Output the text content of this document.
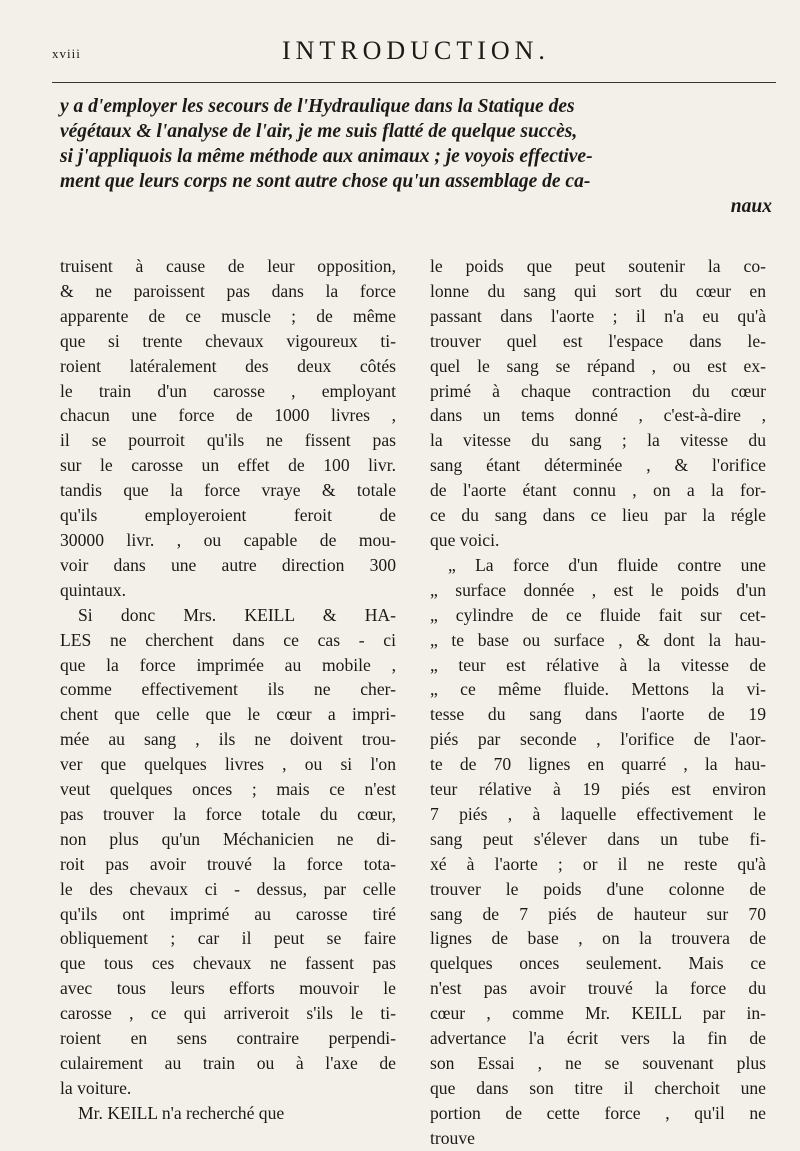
xviii	INTRODUCTION.
y a d'employer les secours de l'Hydraulique dans la Statique des
végétaux & l'analyse de l'air, je me suis flatté de quelque succès,
si j'appliquois la même méthode aux animaux ; je voyois effective-
ment que leurs corps ne sont autre chose qu'un assemblage de ca-
naux
truisent à cause de leur opposition,
& ne paroissent pas dans la force
apparente de ce muscle ; de même
que si trente chevaux vigoureux ti-
roient latéralement des deux côtés
le train d'un carosse , employant
chacun une force de 1000 livres ,
il se pourroit qu'ils ne fissent pas
sur le carosse un effet de 100 livr.
tandis que la force vraye & totale
qu'ils employeroient feroit de
30000 livr. , ou capable de mou-
voir dans une autre direction 300
quintaux.
Si donc Mrs. KEILL & HA-
LES ne cherchent dans ce cas - ci
que la force imprimée au mobile ,
comme effectivement ils ne cher-
chent que celle que le cœur a impri-
mée au sang , ils ne doivent trou-
ver que quelques livres , ou si l'on
veut quelques onces ; mais ce n'est
pas trouver la force totale du cœur,
non plus qu'un Méchanicien ne di-
roit pas avoir trouvé la force tota-
le des chevaux ci - dessus, par celle
qu'ils ont imprimé au carosse tiré
obliquement ; car il peut se faire
que tous ces chevaux ne fassent pas
avec tous leurs efforts mouvoir le
carosse , ce qui arriveroit s'ils le ti-
roient en sens contraire perpendi-
culairement au train ou à l'axe de
la voiture.
Mr. KEILL n'a recherché que
le poids que peut soutenir la co-
lonne du sang qui sort du cœur en
passant dans l'aorte ; il n'a eu qu'à
trouver quel est l'espace dans le-
quel le sang se répand , ou est ex-
primé à chaque contraction du cœur
dans un tems donné , c'est-à-dire ,
la vitesse du sang ; la vitesse du
sang étant déterminée , & l'orifice
de l'aorte étant connu , on a la for-
ce du sang dans ce lieu par la régle
que voici.
„ La force d'un fluide contre une
„ surface donnée , est le poids d'un
„ cylindre de ce fluide fait sur cet-
„ te base ou surface , & dont la hau-
„ teur est rélative à la vitesse de
„ ce même fluide. Mettons la vi-
tesse du sang dans l'aorte de 19
piés par seconde , l'orifice de l'aor-
te de 70 lignes en quarré , la hau-
teur rélative à 19 piés est environ
7 piés , à laquelle effectivement le
sang peut s'élever dans un tube fi-
xé à l'aorte ; or il ne reste qu'à
trouver le poids d'une colonne de
sang de 7 piés de hauteur sur 70
lignes de base , on la trouvera de
quelques onces seulement. Mais ce
n'est pas avoir trouvé la force du
cœur , comme Mr. KEILL par in-
advertance l'a écrit vers la fin de
son Essai , ne se souvenant plus
que dans son titre il cherchoit une
portion de cette force , qu'il ne
trouve
